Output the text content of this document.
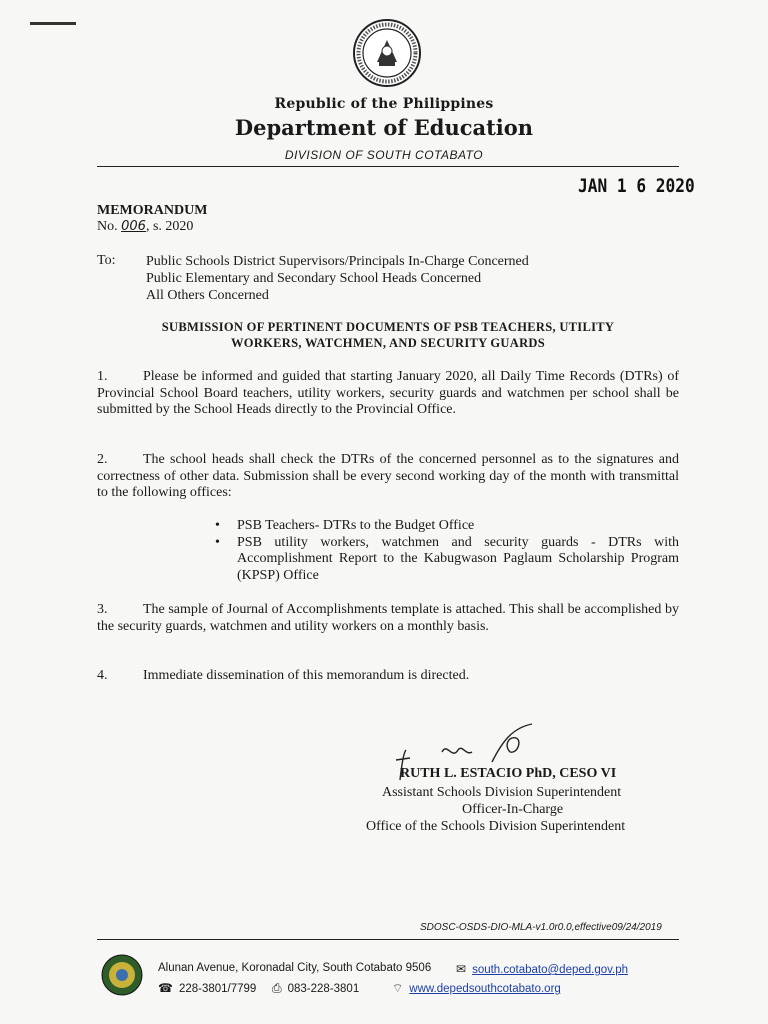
Republic of the Philippines
Department of Education
DIVISION OF SOUTH COTABATO
JAN 1 6 2020
MEMORANDUM
No. 006, s. 2020
To: Public Schools District Supervisors/Principals In-Charge Concerned
Public Elementary and Secondary School Heads Concerned
All Others Concerned
SUBMISSION OF PERTINENT DOCUMENTS OF PSB TEACHERS, UTILITY
WORKERS, WATCHMEN, AND SECURITY GUARDS
1.	Please be informed and guided that starting January 2020, all Daily Time Records (DTRs) of Provincial School Board teachers, utility workers, security guards and watchmen per school shall be submitted by the School Heads directly to the Provincial Office.
2.	The school heads shall check the DTRs of the concerned personnel as to the signatures and correctness of other data. Submission shall be every second working day of the month with transmittal to the following offices:
• PSB Teachers- DTRs to the Budget Office
• PSB utility workers, watchmen and security guards - DTRs with Accomplishment Report to the Kabugwason Paglaum Scholarship Program (KPSP) Office
3.	The sample of Journal of Accomplishments template is attached. This shall be accomplished by the security guards, watchmen and utility workers on a monthly basis.
4.	Immediate dissemination of this memorandum is directed.
RUTH L. ESTACIO PhD, CESO VI
Assistant Schools Division Superintendent
Officer-In-Charge
Office of the Schools Division Superintendent
SDOSC-OSDS-DIO-MLA-v1.0r0.0,effective09/24/2019
Alunan Avenue, Koronadal City, South Cotabato 9506 ✉ south.cotabato@deped.gov.ph
☎ 228-3801/7799 ⎙ 083-228-3801	⌔ www.depedsouthcotabato.org
